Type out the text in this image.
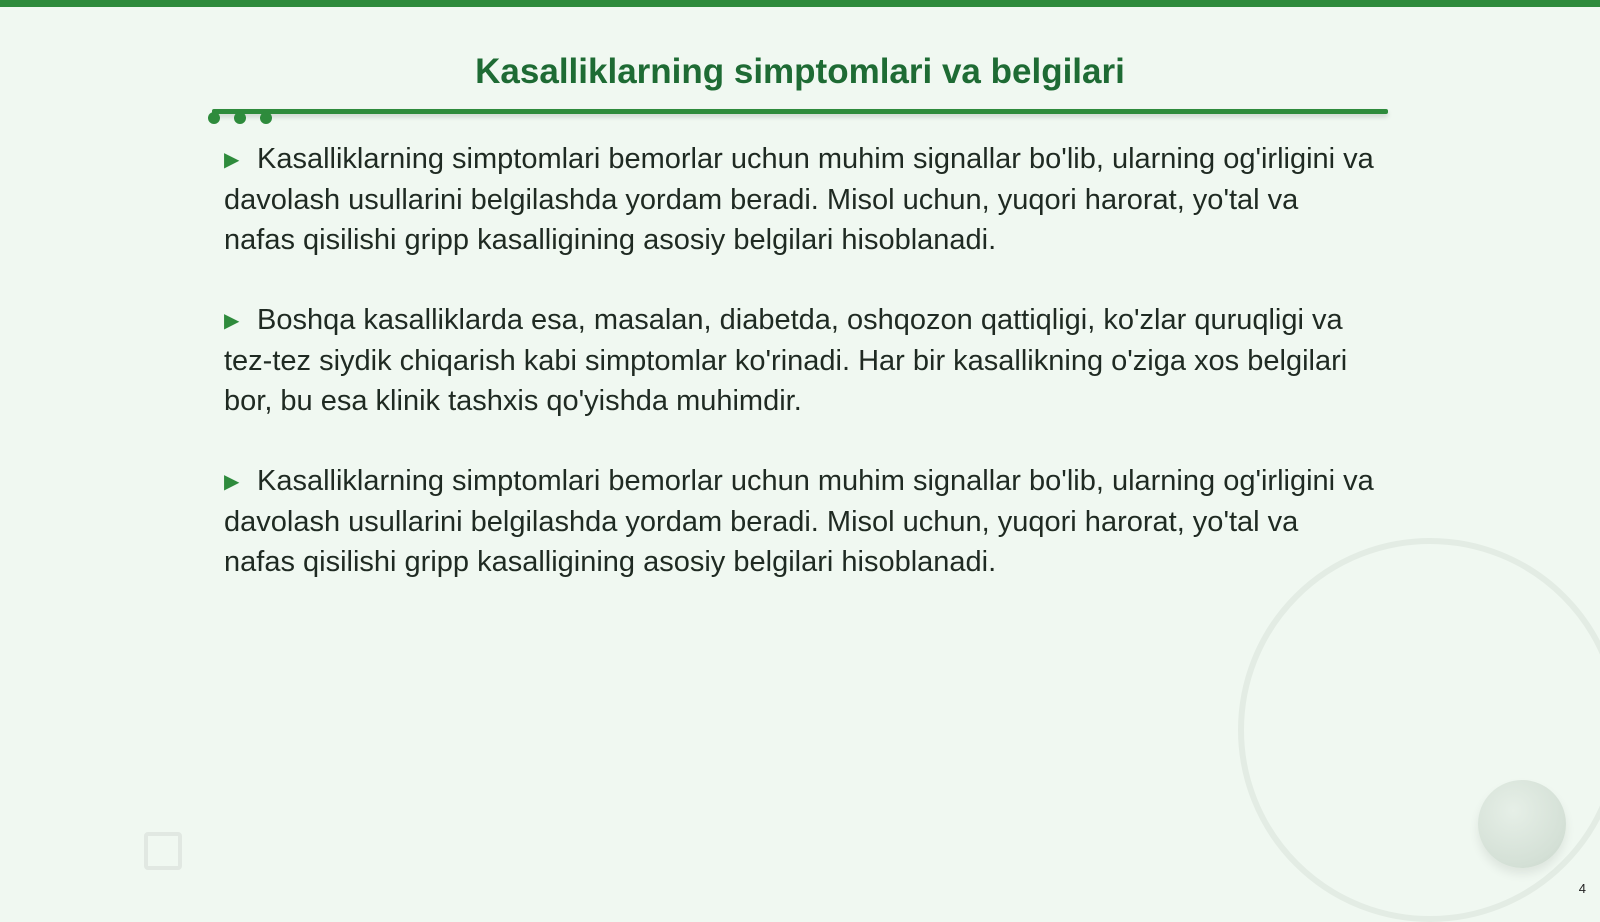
Kasalliklarning simptomlari va belgilari

▶ Kasalliklarning simptomlari bemorlar uchun muhim signallar bo'lib, ularning og'irligini va davolash usullarini belgilashda yordam beradi. Misol uchun, yuqori harorat, yo'tal va nafas qisilishi gripp kasalligining asosiy belgilari hisoblanadi.

▶ Boshqa kasalliklarda esa, masalan, diabetda, oshqozon qattiqligi, ko'zlar quruqligi va tez-tez siydik chiqarish kabi simptomlar ko'rinadi. Har bir kasallikning o'ziga xos belgilari bor, bu esa klinik tashxis qo'yishda muhimdir.

▶ Kasalliklarning simptomlari bemorlar uchun muhim signallar bo'lib, ularning og'irligini va davolash usullarini belgilashda yordam beradi. Misol uchun, yuqori harorat, yo'tal va nafas qisilishi gripp kasalligining asosiy belgilari hisoblanadi.

4
